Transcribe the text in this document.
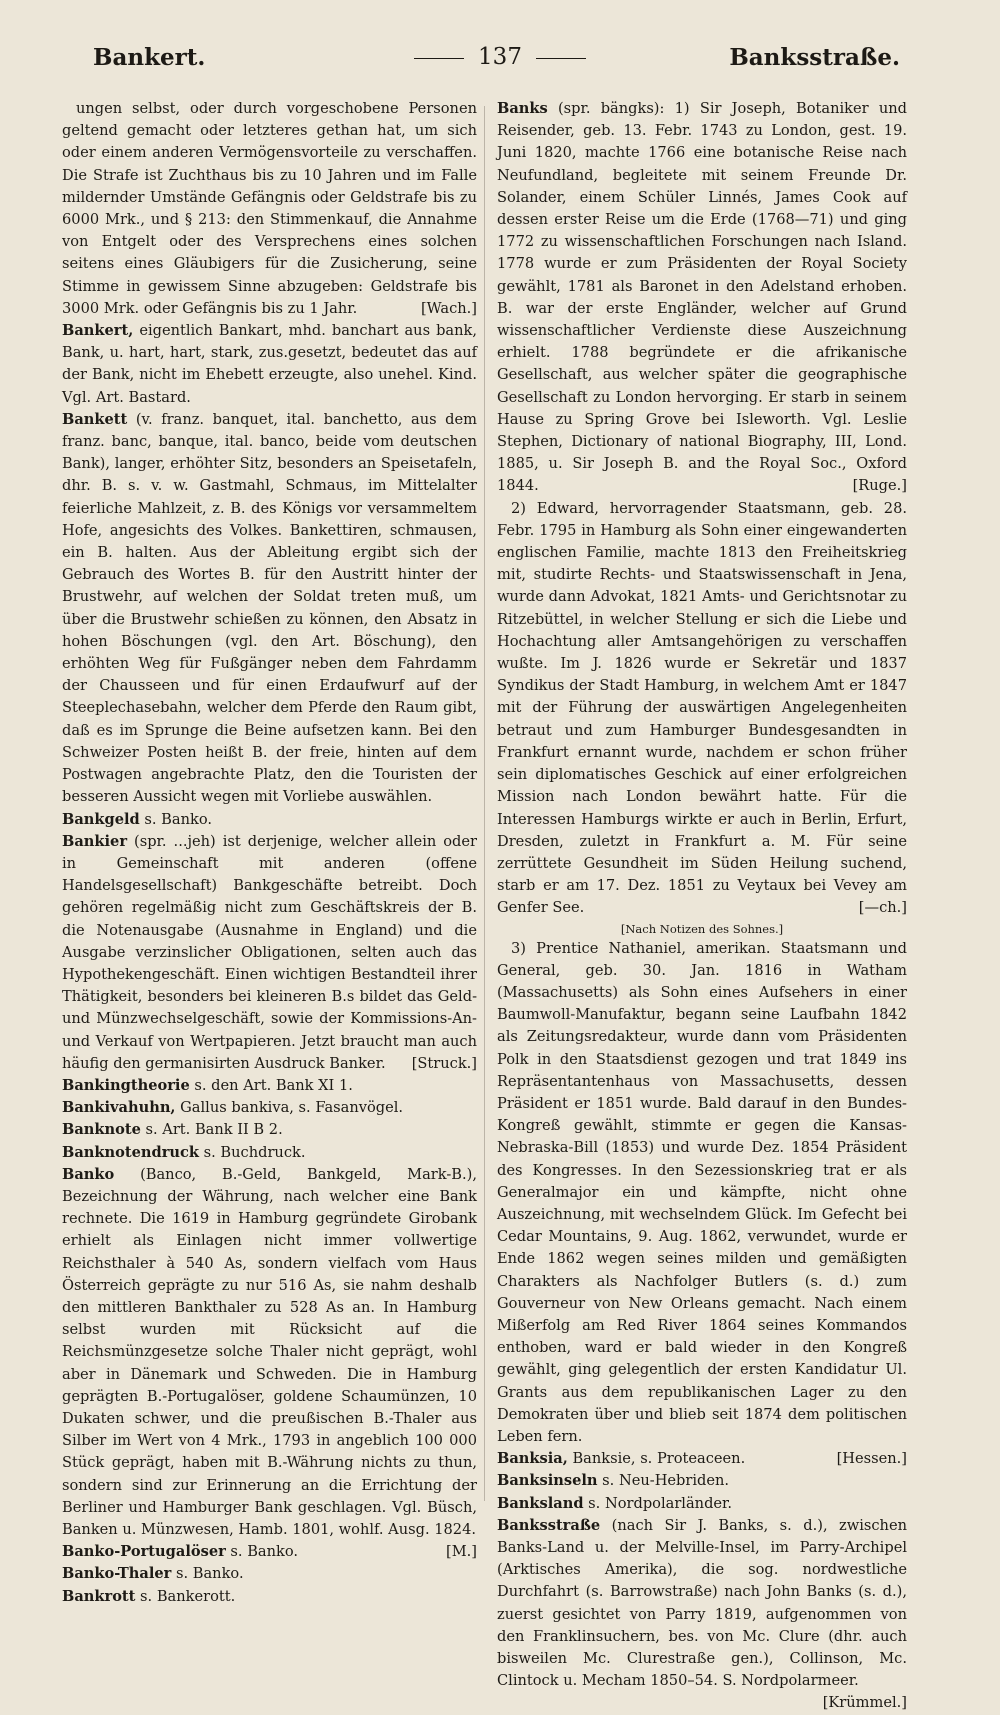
Bankert.	137	Banksstraße.

ungen selbst, oder durch vorgeschobene Personen geltend gemacht oder letzteres gethan hat, um sich oder einem anderen Vermögensvorteile zu verschaffen. Die Strafe ist Zuchthaus bis zu 10 Jahren und im Falle mildernder Umstände Gefängnis oder Geldstrafe bis zu 6000 Mrk., und § 213: den Stimmenkauf, die Annahme von Entgelt oder des Versprechens eines solchen seitens eines Gläubigers für die Zusicherung, seine Stimme in gewissem Sinne abzugeben: Geldstrafe bis 3000 Mrk. oder Gefängnis bis zu 1 Jahr.	[Wach.]

Bankert, eigentlich Bankart, mhd. banchart aus bank, Bank, u. hart, hart, stark, zus.gesetzt, bedeutet das auf der Bank, nicht im Ehebett erzeugte, also unehel. Kind. Vgl. Art. Bastard.

Bankett (v. franz. banquet, ital. banchetto, aus dem franz. banc, banque, ital. banco, beide vom deutschen Bank), langer, erhöhter Sitz, besonders an Speisetafeln, dhr. B. s. v. w. Gastmahl, Schmaus, im Mittelalter feierliche Mahlzeit, z. B. des Königs vor versammeltem Hofe, angesichts des Volkes. Bankettiren, schmausen, ein B. halten. Aus der Ableitung ergibt sich der Gebrauch des Wortes B. für den Austritt hinter der Brustwehr, auf welchen der Soldat treten muß, um über die Brustwehr schießen zu können, den Absatz in hohen Böschungen (vgl. den Art. Böschung), den erhöhten Weg für Fußgänger neben dem Fahrdamm der Chausseen und für einen Erdaufwurf auf der Steeplechasebahn, welcher dem Pferde den Raum gibt, daß es im Sprunge die Beine aufsetzen kann. Bei den Schweizer Posten heißt B. der freie, hinten auf dem Postwagen angebrachte Platz, den die Touristen der besseren Aussicht wegen mit Vorliebe auswählen.

Bankgeld s. Banko.

Bankier (spr. ...jeh) ist derjenige, welcher allein oder in Gemeinschaft mit anderen (offene Handelsgesellschaft) Bankgeschäfte betreibt. Doch gehören regelmäßig nicht zum Geschäftskreis der B. die Notenausgabe (Ausnahme in England) und die Ausgabe verzinslicher Obligationen, selten auch das Hypothekengeschäft. Einen wichtigen Bestandteil ihrer Thätigkeit, besonders bei kleineren B.s bildet das Geld- und Münzwechselgeschäft, sowie der Kommissions-An- und Verkauf von Wertpapieren. Jetzt braucht man auch häufig den germanisirten Ausdruck Banker. [Struck.]

Bankingtheorie s. den Art. Bank XI 1.

Bankivahuhn, Gallus bankiva, s. Fasanvögel.

Banknote s. Art. Bank II B 2.

Banknotendruck s. Buchdruck.

Banko (Banco, B.-Geld, Bankgeld, Mark-B.), Bezeichnung der Währung, nach welcher eine Bank rechnete. Die 1619 in Hamburg gegründete Girobank erhielt als Einlagen nicht immer vollwertige Reichsthaler à 540 As, sondern vielfach vom Haus Österreich geprägte zu nur 516 As, sie nahm deshalb den mittleren Bankthaler zu 528 As an. In Hamburg selbst wurden mit Rücksicht auf die Reichsmünzgesetze solche Thaler nicht geprägt, wohl aber in Dänemark und Schweden. Die in Hamburg geprägten B.-Portugalöser, goldene Schaumünzen, 10 Dukaten schwer, und die preußischen B.-Thaler aus Silber im Wert von 4 Mrk., 1793 in angeblich 100 000 Stück geprägt, haben mit B.-Währung nichts zu thun, sondern sind zur Erinnerung an die Errichtung der Berliner und Hamburger Bank geschlagen. Vgl. Büsch, Banken u. Münzwesen, Hamb. 1801, wohlf. Ausg. 1824.
[M.]

Banko-Portugalöser s. Banko.

Banko-Thaler s. Banko.

Bankrott s. Bankerott.

Banks (spr. bängks): 1) Sir Joseph, Botaniker und Reisender, geb. 13. Febr. 1743 zu London, gest. 19. Juni 1820, machte 1766 eine botanische Reise nach Neufundland, begleitete mit seinem Freunde Dr. Solander, einem Schüler Linnés, James Cook auf dessen erster Reise um die Erde (1768—71) und ging 1772 zu wissenschaftlichen Forschungen nach Island. 1778 wurde er zum Präsidenten der Royal Society gewählt, 1781 als Baronet in den Adelstand erhoben. B. war der erste Engländer, welcher auf Grund wissenschaftlicher Verdienste diese Auszeichnung erhielt. 1788 begründete er die afrikanische Gesellschaft, aus welcher später die geographische Gesellschaft zu London hervorging. Er starb in seinem Hause zu Spring Grove bei Isleworth. Vgl. Leslie Stephen, Dictionary of national Biography, III, Lond. 1885, u. Sir Joseph B. and the Royal Soc., Oxford 1844.	[Ruge.]

2) Edward, hervorragender Staatsmann, geb. 28. Febr. 1795 in Hamburg als Sohn einer eingewanderten englischen Familie, machte 1813 den Freiheitskrieg mit, studirte Rechts- und Staatswissenschaft in Jena, wurde dann Advokat, 1821 Amts- und Gerichtsnotar zu Ritzebüttel, in welcher Stellung er sich die Liebe und Hochachtung aller Amtsangehörigen zu verschaffen wußte. Im J. 1826 wurde er Sekretär und 1837 Syndikus der Stadt Hamburg, in welchem Amt er 1847 mit der Führung der auswärtigen Angelegenheiten betraut und zum Hamburger Bundesgesandten in Frankfurt ernannt wurde, nachdem er schon früher sein diplomatisches Geschick auf einer erfolgreichen Mission nach London bewährt hatte. Für die Interessen Hamburgs wirkte er auch in Berlin, Erfurt, Dresden, zuletzt in Frankfurt a. M. Für seine zerrüttete Gesundheit im Süden Heilung suchend, starb er am 17. Dez. 1851 zu Veytaux bei Vevey am Genfer See.	[—ch.]

[Nach Notizen des Sohnes.]

3) Prentice Nathaniel, amerikan. Staatsmann und General, geb. 30. Jan. 1816 in Watham (Massachusetts) als Sohn eines Aufsehers in einer Baumwoll-Manufaktur, begann seine Laufbahn 1842 als Zeitungsredakteur, wurde dann vom Präsidenten Polk in den Staatsdienst gezogen und trat 1849 ins Repräsentantenhaus von Massachusetts, dessen Präsident er 1851 wurde. Bald darauf in den Bundes-Kongreß gewählt, stimmte er gegen die Kansas-Nebraska-Bill (1853) und wurde Dez. 1854 Präsident des Kongresses. In den Sezessionskrieg trat er als Generalmajor ein und kämpfte, nicht ohne Auszeichnung, mit wechselndem Glück. Im Gefecht bei Cedar Mountains, 9. Aug. 1862, verwundet, wurde er Ende 1862 wegen seines milden und gemäßigten Charakters als Nachfolger Butlers (s. d.) zum Gouverneur von New Orleans gemacht. Nach einem Mißerfolg am Red River 1864 seines Kommandos enthoben, ward er bald wieder in den Kongreß gewählt, ging gelegentlich der ersten Kandidatur Ul. Grants aus dem republikanischen Lager zu den Demokraten über und blieb seit 1874 dem politischen Leben fern.

Banksia, Banksie, s. Proteaceen.	[Hessen.]

Banksinseln s. Neu-Hebriden.

Banksland s. Nordpolarländer.

Banksstraße (nach Sir J. Banks, s. d.), zwischen Banks-Land u. der Melville-Insel, im Parry-Archipel (Arktisches Amerika), die sog. nordwestliche Durchfahrt (s. Barrowstraße) nach John Banks (s. d.), zuerst gesichtet von Parry 1819, aufgenommen von den Franklinsuchern, bes. von Mc. Clure (dhr. auch bisweilen Mc. Clurestraße gen.), Collinson, Mc. Clintock u. Mecham 1850–54. S. Nordpolarmeer.
[Krümmel.]
